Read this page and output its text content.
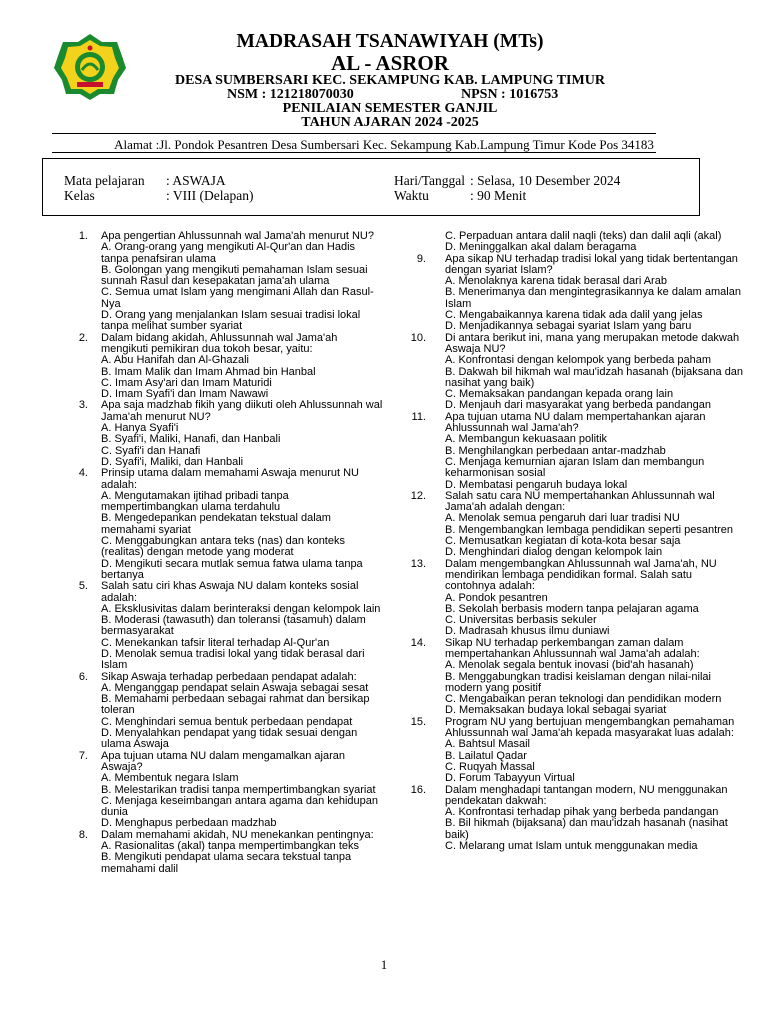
MADRASAH TSANAWIYAH (MTs)
AL - ASROR
DESA SUMBERSARI KEC. SEKAMPUNG KAB. LAMPUNG TIMUR
NSM : 121218070030	NPSN : 1016753
PENILAIAN SEMESTER GANJIL
TAHUN AJARAN 2024 -2025
Alamat :Jl. Pondok Pesantren Desa Sumbersari Kec. Sekampung Kab.Lampung Timur Kode Pos 34183
Mata pelajaran : ASWAJA
Kelas	: VIII (Delapan)
Hari/Tanggal : Selasa, 10 Desember 2024
Waktu	: 90 Menit
1. Apa pengertian Ahlussunnah wal Jama'ah menurut NU?
A. Orang-orang yang mengikuti Al-Qur'an dan Hadis tanpa penafsiran ulama
B. Golongan yang mengikuti pemahaman Islam sesuai sunnah Rasul dan kesepakatan jama'ah ulama
C. Semua umat Islam yang mengimani Allah dan Rasul-Nya
D. Orang yang menjalankan Islam sesuai tradisi lokal tanpa melihat sumber syariat
2. Dalam bidang akidah, Ahlussunnah wal Jama'ah mengikuti pemikiran dua tokoh besar, yaitu:
A. Abu Hanifah dan Al-Ghazali
B. Imam Malik dan Imam Ahmad bin Hanbal
C. Imam Asy'ari dan Imam Maturidi
D. Imam Syafi'i dan Imam Nawawi
3. Apa saja madzhab fikih yang diikuti oleh Ahlussunnah wal Jama'ah menurut NU?
A. Hanya Syafi'i
B. Syafi'i, Maliki, Hanafi, dan Hanbali
C. Syafi'i dan Hanafi
D. Syafi'i, Maliki, dan Hanbali
4. Prinsip utama dalam memahami Aswaja menurut NU adalah:
A. Mengutamakan ijtihad pribadi tanpa mempertimbangkan ulama terdahulu
B. Mengedepankan pendekatan tekstual dalam memahami syariat
C. Menggabungkan antara teks (nas) dan konteks (realitas) dengan metode yang moderat
D. Mengikuti secara mutlak semua fatwa ulama tanpa bertanya
5. Salah satu ciri khas Aswaja NU dalam konteks sosial adalah:
A. Eksklusivitas dalam berinteraksi dengan kelompok lain
B. Moderasi (tawasuth) dan toleransi (tasamuh) dalam bermasyarakat
C. Menekankan tafsir literal terhadap Al-Qur'an
D. Menolak semua tradisi lokal yang tidak berasal dari Islam
6. Sikap Aswaja terhadap perbedaan pendapat adalah:
A. Menganggap pendapat selain Aswaja sebagai sesat
B. Memahami perbedaan sebagai rahmat dan bersikap toleran
C. Menghindari semua bentuk perbedaan pendapat
D. Menyalahkan pendapat yang tidak sesuai dengan ulama Aswaja
7. Apa tujuan utama NU dalam mengamalkan ajaran Aswaja?
A. Membentuk negara Islam
B. Melestarikan tradisi tanpa mempertimbangkan syariat
C. Menjaga keseimbangan antara agama dan kehidupan dunia
D. Menghapus perbedaan madzhab
8. Dalam memahami akidah, NU menekankan pentingnya:
A. Rasionalitas (akal) tanpa mempertimbangkan teks
B. Mengikuti pendapat ulama secara tekstual tanpa memahami dalil
C. Perpaduan antara dalil naqli (teks) dan dalil aqli (akal)
D. Meninggalkan akal dalam beragama
9. Apa sikap NU terhadap tradisi lokal yang tidak bertentangan dengan syariat Islam?
A. Menolaknya karena tidak berasal dari Arab
B. Menerimanya dan mengintegrasikannya ke dalam amalan Islam
C. Mengabaikannya karena tidak ada dalil yang jelas
D. Menjadikannya sebagai syariat Islam yang baru
10. Di antara berikut ini, mana yang merupakan metode dakwah Aswaja NU?
A. Konfrontasi dengan kelompok yang berbeda paham
B. Dakwah bil hikmah wal mau'idzah hasanah (bijaksana dan nasihat yang baik)
C. Memaksakan pandangan kepada orang lain
D. Menjauh dari masyarakat yang berbeda pandangan
11. Apa tujuan utama NU dalam mempertahankan ajaran Ahlussunnah wal Jama'ah?
A. Membangun kekuasaan politik
B. Menghilangkan perbedaan antar-madzhab
C. Menjaga kemurnian ajaran Islam dan membangun keharmonisan sosial
D. Membatasi pengaruh budaya lokal
12. Salah satu cara NU mempertahankan Ahlussunnah wal Jama'ah adalah dengan:
A. Menolak semua pengaruh dari luar tradisi NU
B. Mengembangkan lembaga pendidikan seperti pesantren
C. Memusatkan kegiatan di kota-kota besar saja
D. Menghindari dialog dengan kelompok lain
13. Dalam mengembangkan Ahlussunnah wal Jama'ah, NU mendirikan lembaga pendidikan formal. Salah satu contohnya adalah:
A. Pondok pesantren
B. Sekolah berbasis modern tanpa pelajaran agama
C. Universitas berbasis sekuler
D. Madrasah khusus ilmu duniawi
14. Sikap NU terhadap perkembangan zaman dalam mempertahankan Ahlussunnah wal Jama'ah adalah:
A. Menolak segala bentuk inovasi (bid'ah hasanah)
B. Menggabungkan tradisi keislaman dengan nilai-nilai modern yang positif
C. Mengabaikan peran teknologi dan pendidikan modern
D. Memaksakan budaya lokal sebagai syariat
15. Program NU yang bertujuan mengembangkan pemahaman Ahlussunnah wal Jama'ah kepada masyarakat luas adalah:
A. Bahtsul Masail
B. Lailatul Qadar
C. Ruqyah Massal
D. Forum Tabayyun Virtual
16. Dalam menghadapi tantangan modern, NU menggunakan pendekatan dakwah:
A. Konfrontasi terhadap pihak yang berbeda pandangan
B. Bil hikmah (bijaksana) dan mau'idzah hasanah (nasihat baik)
C. Melarang umat Islam untuk menggunakan media
1
